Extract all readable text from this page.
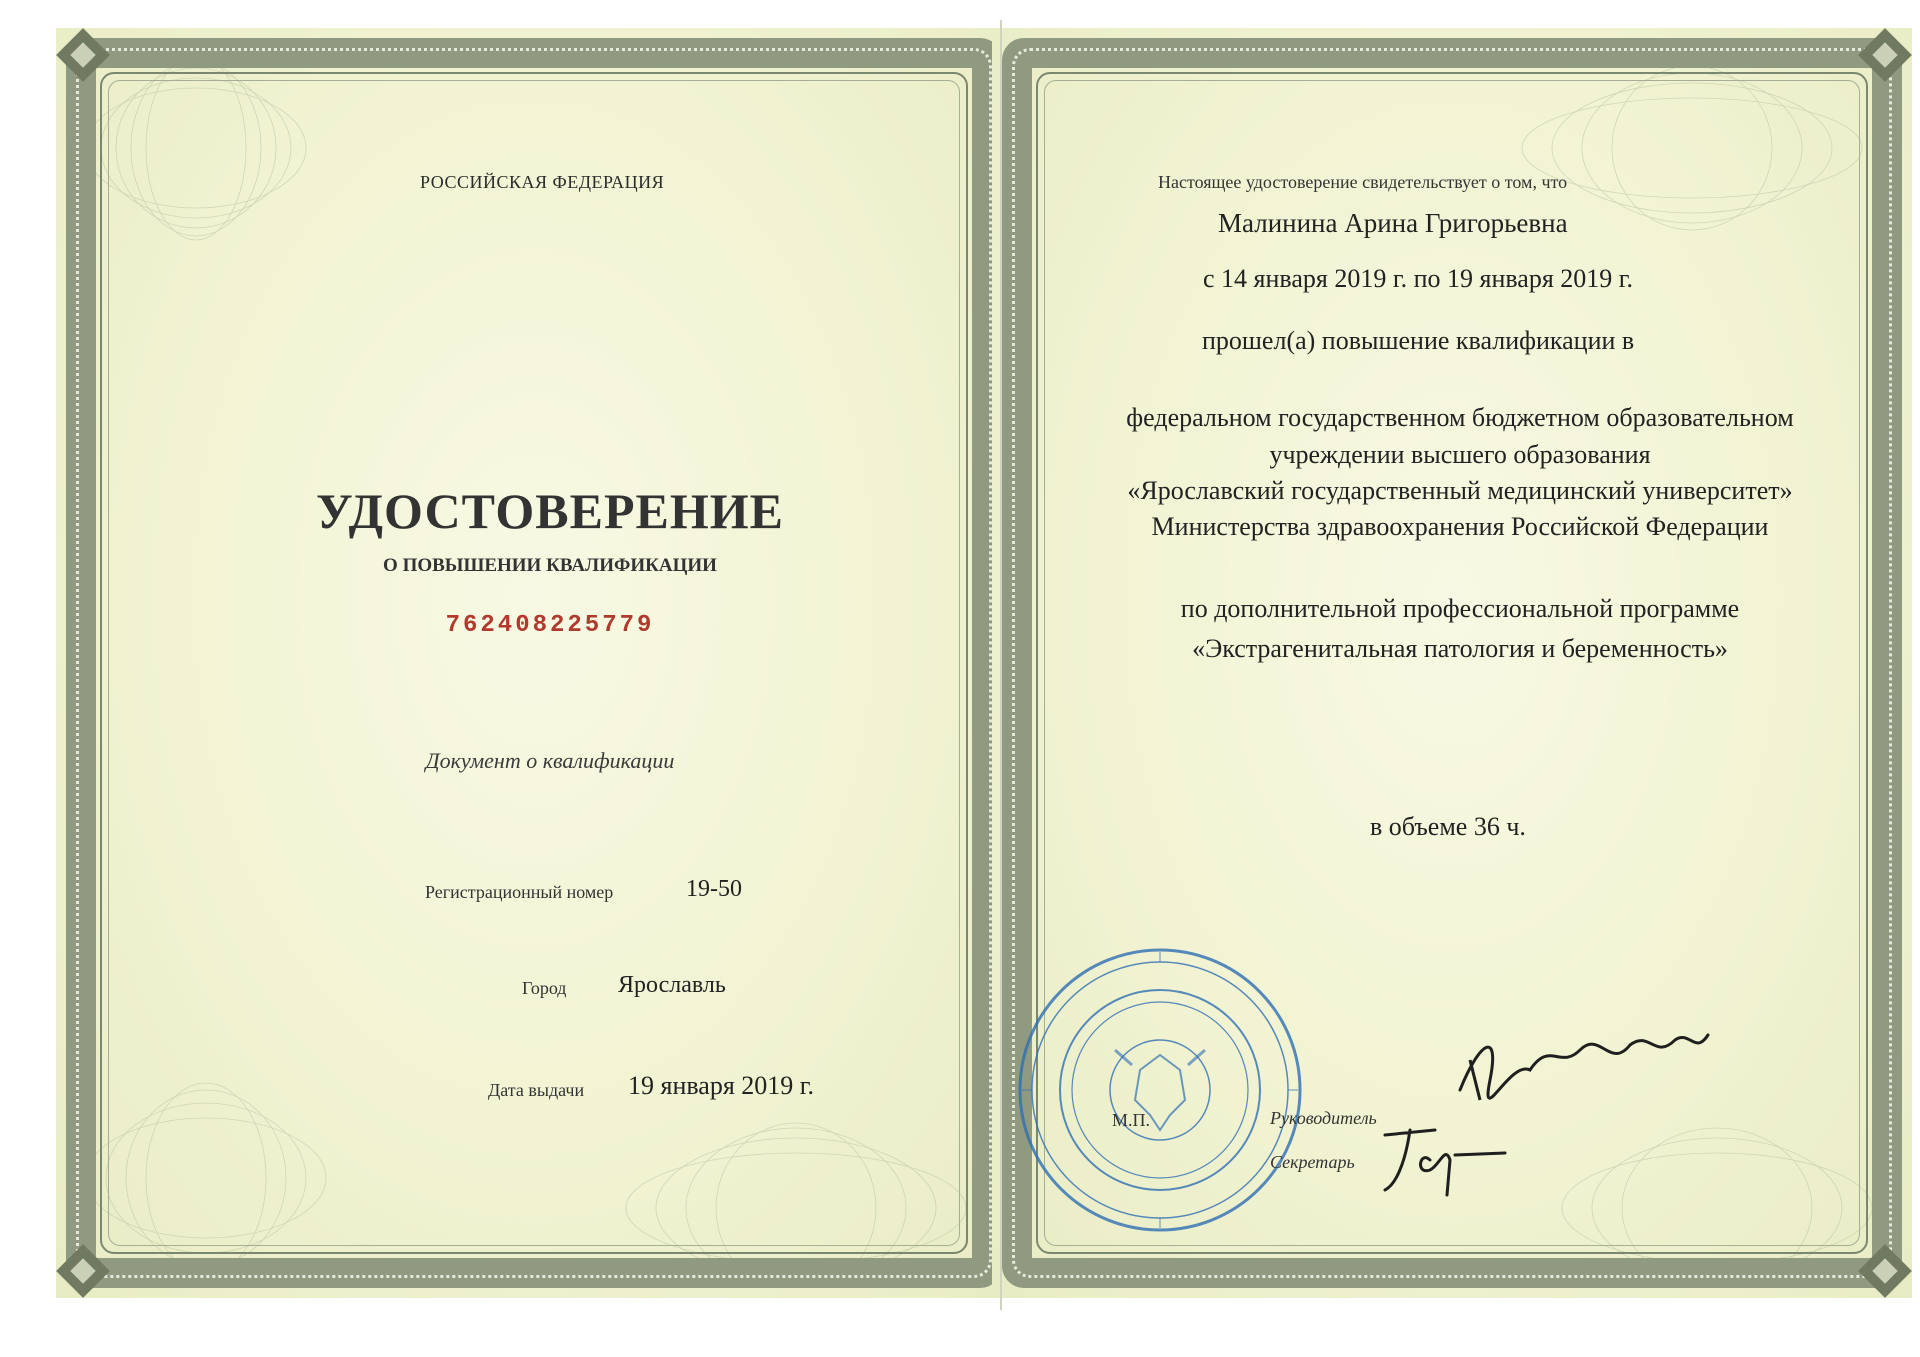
РОССИЙСКАЯ ФЕДЕРАЦИЯ
УДОСТОВЕРЕНИЕ
О ПОВЫШЕНИИ КВАЛИФИКАЦИИ
762408225779
Документ о квалификации
Регистрационный номер	19-50
Город Ярославль
Дата выдачи 19 января 2019 г.
Настоящее удостоверение свидетельствует о том, что
Малинина Арина Григорьевна
с 14 января 2019 г. по 19 января 2019 г.
прошел(а) повышение квалификации в
федеральном государственном бюджетном образовательном
учреждении высшего образования
«Ярославский государственный медицинский университет»
Министерства здравоохранения Российской Федерации
по дополнительной профессиональной программе
«Экстрагенитальная патология и беременность»
в объеме 36 ч.
М.П.	Руководитель
Секретарь
